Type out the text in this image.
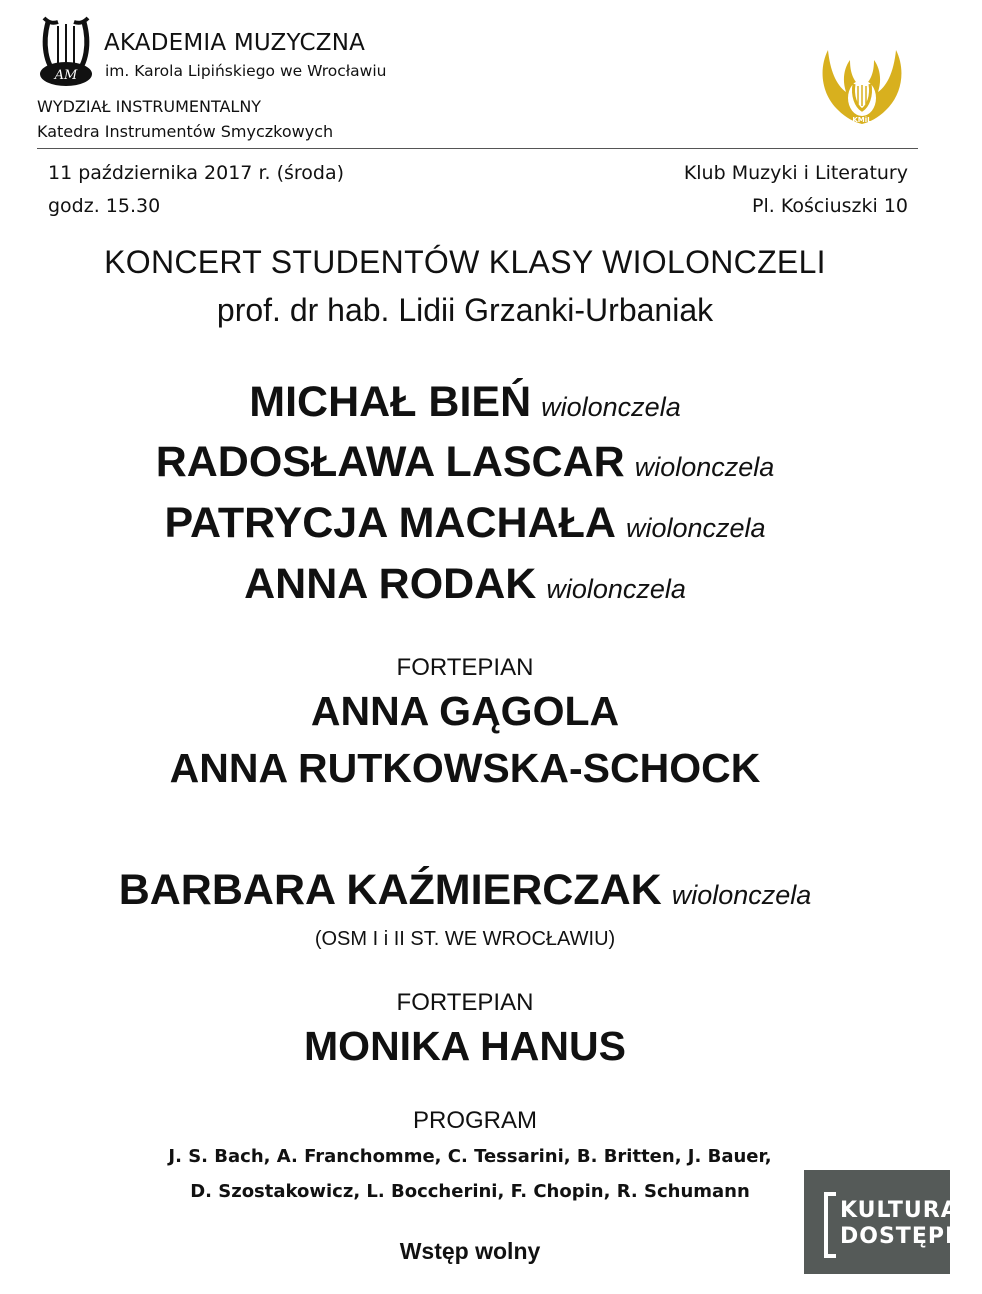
AM
AKADEMIA MUZYCZNA
im. Karola Lipińskiego we Wrocławiu
WYDZIAŁ INSTRUMENTALNY
Katedra Instrumentów Smyczkowych
KMiL
11 października 2017 r. (środa)
godz. 15.30
Klub Muzyki i Literatury
Pl. Kościuszki 10
KONCERT STUDENTÓW KLASY WIOLONCZELI
prof. dr hab. Lidii Grzanki-Urbaniak
MICHAŁ BIEŃ wiolonczela
RADOSŁAWA LASCAR wiolonczela
PATRYCJA MACHAŁA wiolonczela
ANNA RODAK wiolonczela
FORTEPIAN
ANNA GĄGOLA
ANNA RUTKOWSKA-SCHOCK
BARBARA KAŹMIERCZAK wiolonczela
(OSM I i II ST. WE WROCŁAWIU)
FORTEPIAN
MONIKA HANUS
PROGRAM
J. S. Bach, A. Franchomme, C. Tessarini, B. Britten, J. Bauer,
D. Szostakowicz, L. Boccherini, F. Chopin, R. Schumann
Wstęp wolny
KULTURA
DOSTĘPNA
